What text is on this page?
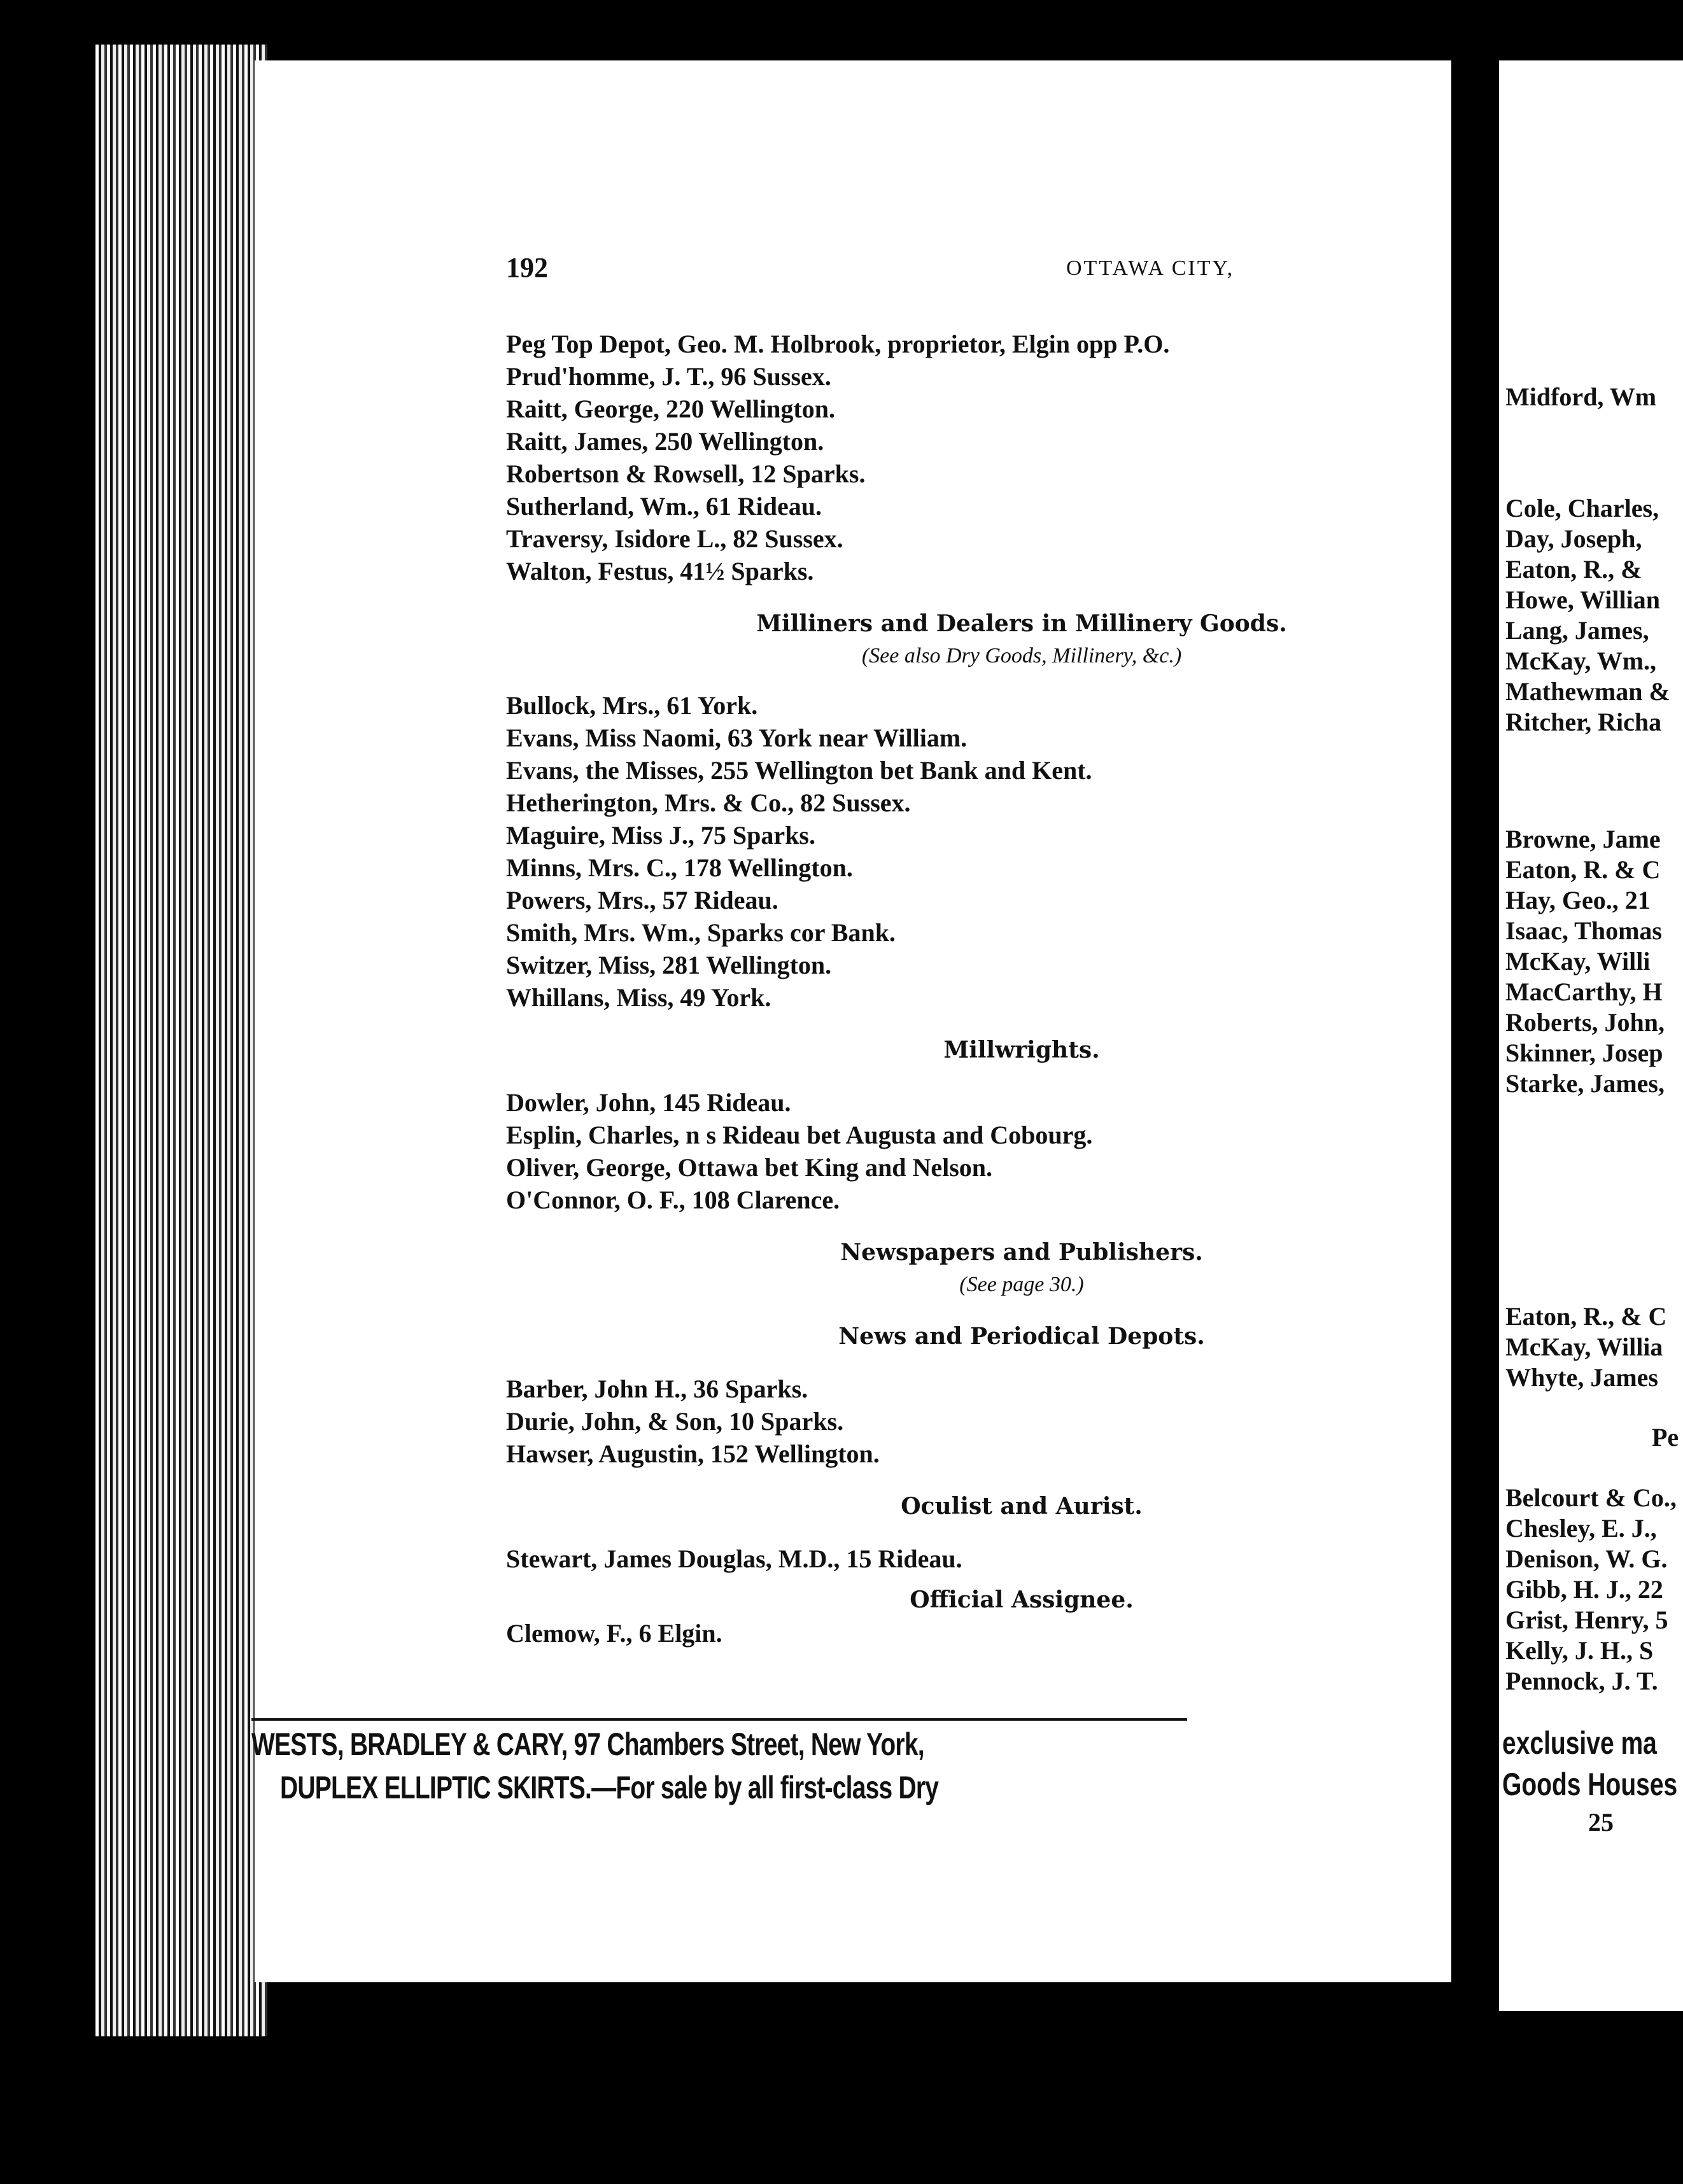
192	OTTAWA CITY,
Peg Top Depot, Geo. M. Holbrook, proprietor, Elgin opp P.O.
Prud'homme, J. T., 96 Sussex.
Raitt, George, 220 Wellington.
Raitt, James, 250 Wellington.
Robertson & Rowsell, 12 Sparks.
Sutherland, Wm., 61 Rideau.
Traversy, Isidore L., 82 Sussex.
Walton, Festus, 41½ Sparks.
Milliners and Dealers in Millinery Goods.
(See also Dry Goods, Millinery, &c.)
Bullock, Mrs., 61 York.
Evans, Miss Naomi, 63 York near William.
Evans, the Misses, 255 Wellington bet Bank and Kent.
Hetherington, Mrs. & Co., 82 Sussex.
Maguire, Miss J., 75 Sparks.
Minns, Mrs. C., 178 Wellington.
Powers, Mrs., 57 Rideau.
Smith, Mrs. Wm., Sparks cor Bank.
Switzer, Miss, 281 Wellington.
Whillans, Miss, 49 York.
Millwrights.
Dowler, John, 145 Rideau.
Esplin, Charles, n s Rideau bet Augusta and Cobourg.
Oliver, George, Ottawa bet King and Nelson.
O'Connor, O. F., 108 Clarence.
Newspapers and Publishers.
(See page 30.)
News and Periodical Depots.
Barber, John H., 36 Sparks.
Durie, John, & Son, 10 Sparks.
Hawser, Augustin, 152 Wellington.
Oculist and Aurist.
Stewart, James Douglas, M.D., 15 Rideau.
Official Assignee.
Clemow, F., 6 Elgin.
WESTS, BRADLEY & CARY, 97 Chambers Street, New York,
DUPLEX ELLIPTIC SKIRTS.—For sale by all first-class Dry
Midford, Wm
Cole, Charles,
Day, Joseph,
Eaton, R., &
Howe, Willian
Lang, James,
McKay, Wm.,
Mathewman &
Ritcher, Richa
Browne, Jame
Eaton, R. & C
Hay, Geo., 21
Isaac, Thomas
McKay, Willi
MacCarthy, H
Roberts, John,
Skinner, Josep
Starke, James,
Eaton, R., & C
McKay, Willia
Whyte, James
Pe
Belcourt & Co.,
Chesley, E. J.,
Denison, W. G.
Gibb, H. J., 22
Grist, Henry, 5
Kelly, J. H., S
Pennock, J. T.
exclusive ma
Goods Houses
25
